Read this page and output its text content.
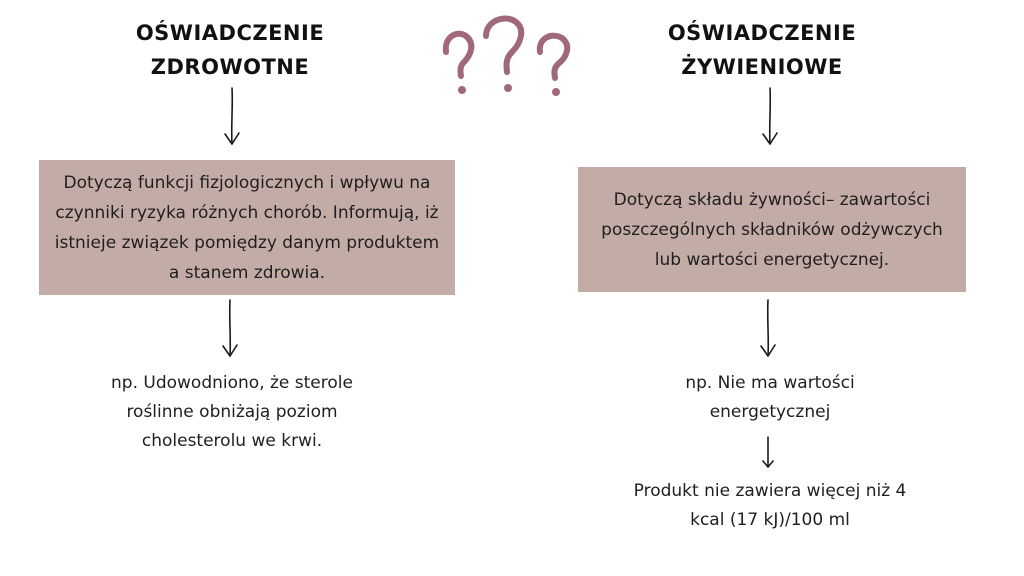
OŚWIADCZENIE
ZDROWOTNE
Dotyczą funkcji fizjologicznych i wpływu na czynniki ryzyka różnych chorób. Informują, iż istnieje związek pomiędzy danym produktem a stanem zdrowia.
np. Udowodniono, że sterole roślinne obniżają poziom cholesterolu we krwi.
OŚWIADCZENIE
ŻYWIENIOWE
Dotyczą składu żywności– zawartości poszczególnych składników odżywczych lub wartości energetycznej.
np. Nie ma wartości energetycznej
Produkt nie zawiera więcej niż 4 kcal (17 kJ)/100 ml
